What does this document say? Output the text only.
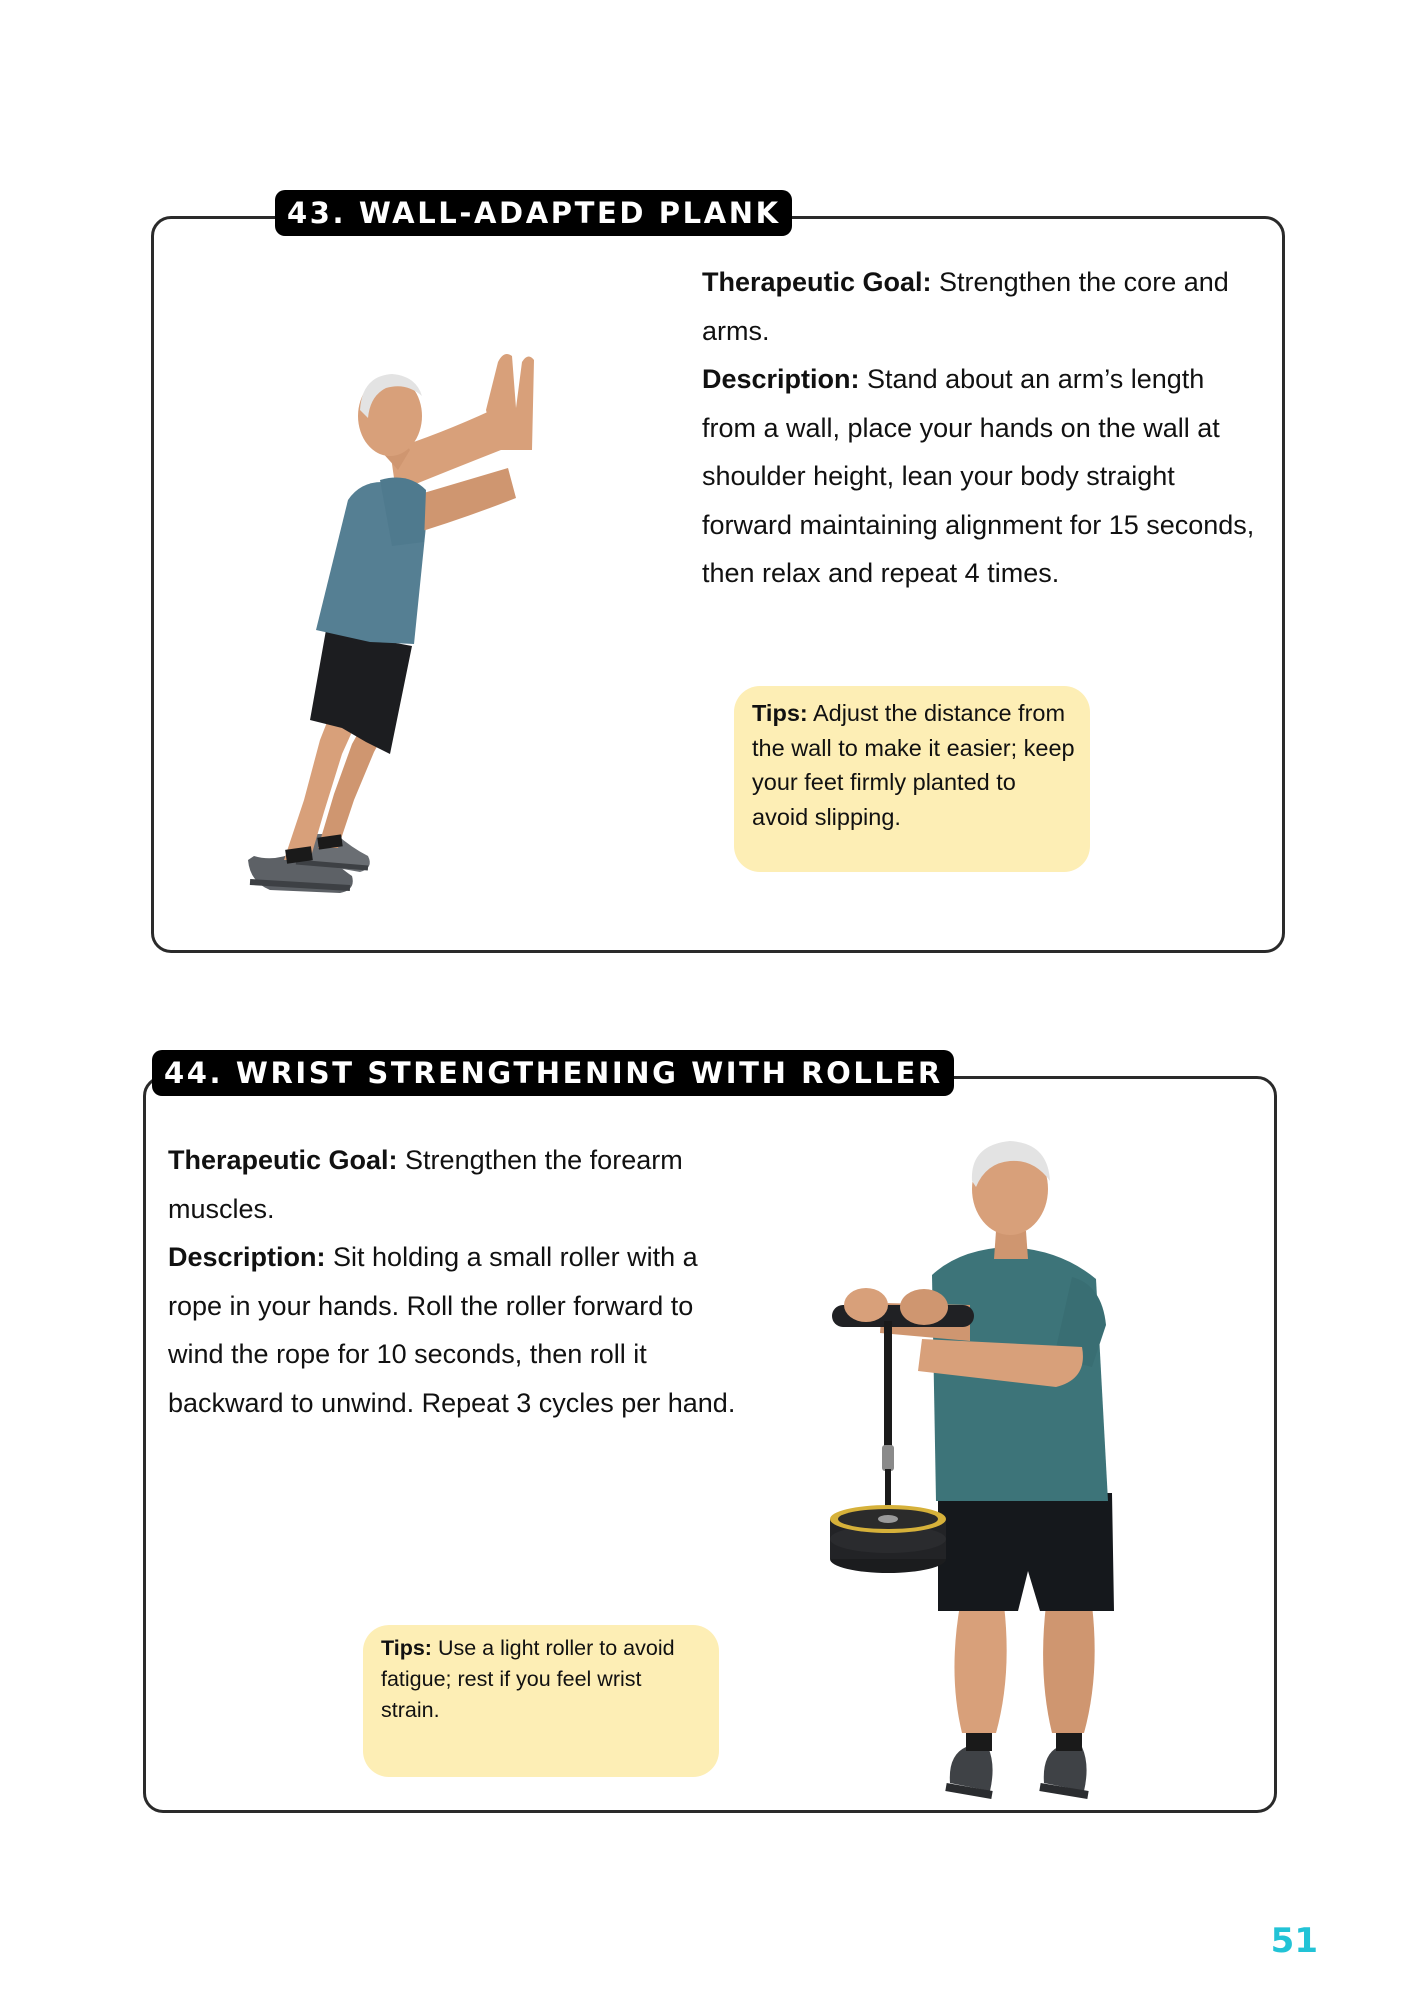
43. WALL-ADAPTED PLANK

Therapeutic Goal: Strengthen the core and arms.

Description: Stand about an arm’s length from a wall, place your hands on the wall at shoulder height, lean your body straight forward maintaining alignment for 15 seconds, then relax and repeat 4 times.

Tips: Adjust the distance from the wall to make it easier; keep your feet firmly planted to avoid slipping.
44. WRIST STRENGTHENING WITH ROLLER

Therapeutic Goal: Strengthen the forearm muscles.

Description: Sit holding a small roller with a rope in your hands. Roll the roller forward to wind the rope for 10 seconds, then roll it backward to unwind. Repeat 3 cycles per hand.

Tips: Use a light roller to avoid fatigue; rest if you feel wrist strain.
51
